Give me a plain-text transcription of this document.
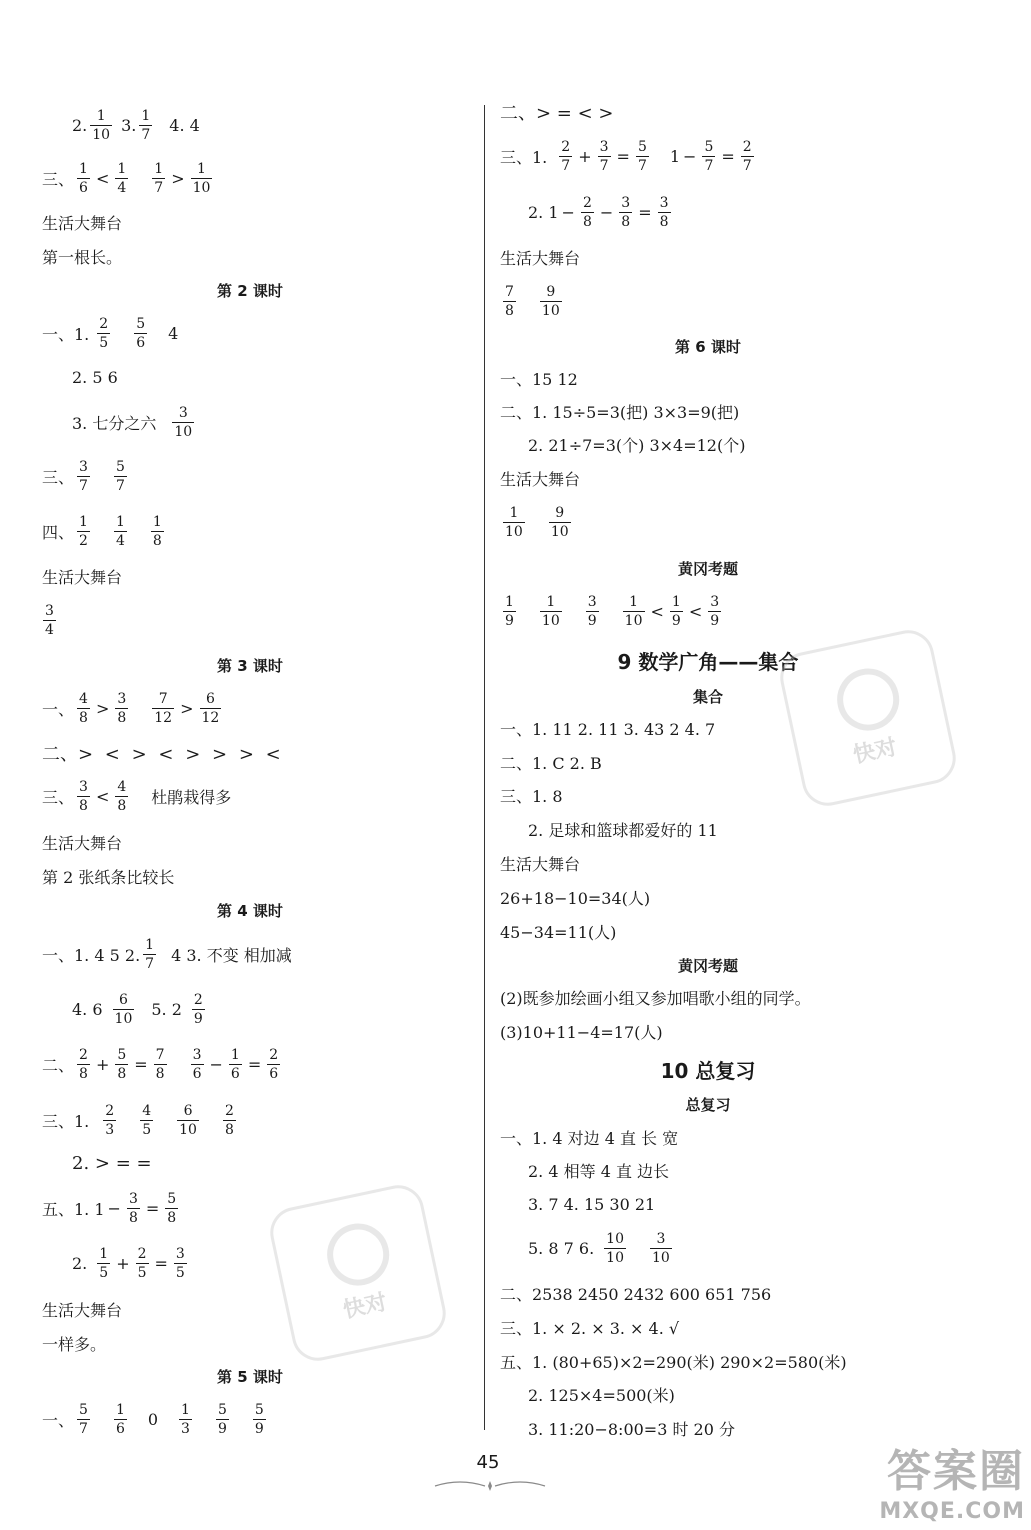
2. $\frac{1}{10} 3$. $\frac{1}{7} 4$. 4
三、 $\frac{1}{6} < \frac{1}{4} \frac{1}{7} > \frac{1}{10}$
生活大舞台
第一根长。
第 2 课时
一、1. $\frac{2}{5} \frac{5}{6} 4$
2. 5 6
3. 七分之六 $\frac{3}{10}$
三、 $\frac{3}{7} \frac{5}{7}$
四、 $\frac{1}{2} \frac{1}{4} \frac{1}{8}$
生活大舞台
$\frac{3}{4}$
第 3 课时
一、 $\frac{4}{8} > \frac{3}{8} \frac{7}{12} > \frac{6}{12}$
二、> < > < > > > <
三、 $\frac{3}{8} < \frac{4}{8}$ 杜鹃栽得多
生活大舞台
第 2 张纸条比较长
第 4 课时
一、1. 4 5 2. $\frac{1}{7} 4$ 3. 不变 相加减
4. $6 \frac{6}{10} 5$. $2 \frac{2}{9}$
二、 $\frac{2}{8} + \frac{5}{8} = \frac{7}{8} \frac{3}{6} - \frac{1}{6} = \frac{2}{6}$
三、1. $\frac{2}{3} \frac{4}{5} \frac{6}{10} \frac{2}{8}$
2. > = =
五、1. $1 - \frac{3}{8} = \frac{5}{8}$
2. $\frac{1}{5} + \frac{2}{5} = \frac{3}{5}$
生活大舞台
一样多。
第 5 课时
一、 $\frac{5}{7} \frac{1}{6} 0 \frac{1}{3} \frac{5}{9} \frac{5}{9}$
二、> = < >
三、1. $\frac{2}{7} + \frac{3}{7} = \frac{5}{7} 1 - \frac{5}{7} = \frac{2}{7}$
2. $1 - \frac{2}{8} - \frac{3}{8} = \frac{3}{8}$
生活大舞台
$\frac{7}{8} \frac{9}{10}$
第 6 课时
一、15 12
二、1. 15÷5=3(把) 3×3=9(把)
2. 21÷7=3(个) 3×4=12(个)
生活大舞台
$\frac{1}{10} \frac{9}{10}$
黄冈考题
$\frac{1}{9} \frac{1}{10} \frac{3}{9} \frac{1}{10} < \frac{1}{9} < \frac{3}{9}$
9 数学广角——集合
集合
一、1. 11 2. 11 3. 43 2 4. 7
二、1. C 2. B
三、1. 8
2. 足球和篮球都爱好的 11
生活大舞台
26+18−10=34(人)
45−34=11(人)
黄冈考题
(2)既参加绘画小组又参加唱歌小组的同学。
(3)10+11−4=17(人)
10 总复习
总复习
一、1. 4 对边 4 直 长 宽
2. 4 相等 4 直 边长
3. 7 4. 15 30 21
5. 8 7 6. $\frac{10}{10} \frac{3}{10}$
二、2538 2450 2432 600 651 756
三、1. × 2. × 3. × 4. √
五、1. (80+65)×2=290(米) 290×2=580(米)
2. 125×4=500(米)
3. 11:20−8:00=3 时 20 分
快对
快对
45	答案圈
MXQE.COM
